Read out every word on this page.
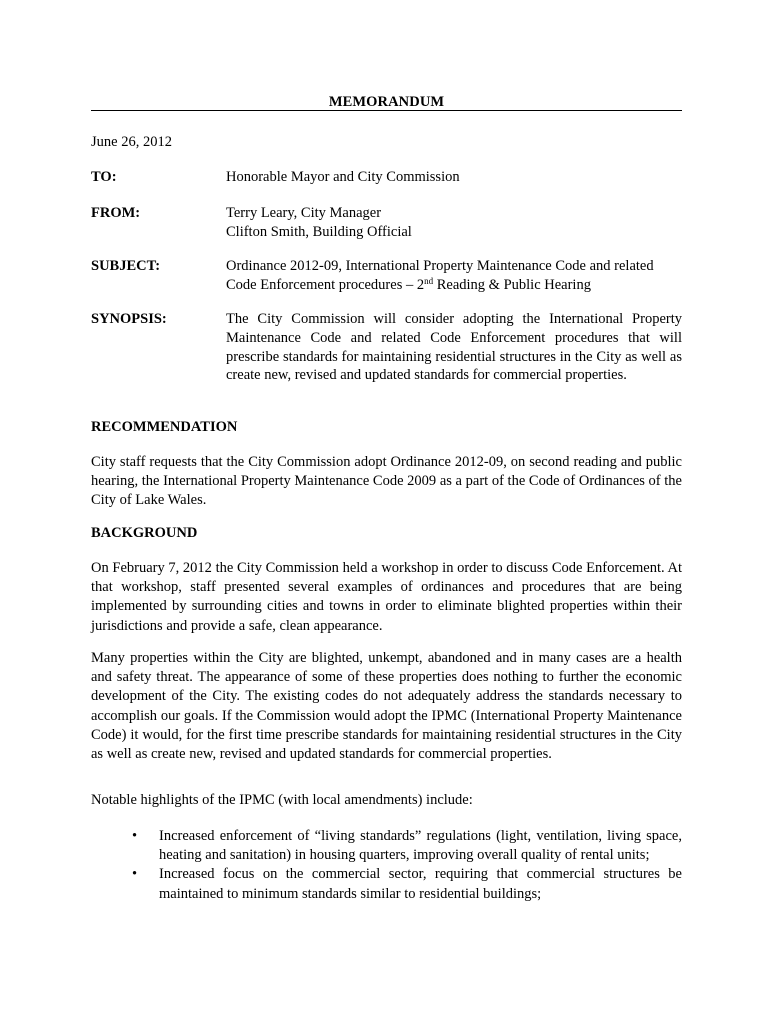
MEMORANDUM
June 26, 2012
TO:	Honorable Mayor and City Commission
FROM:	Terry Leary, City Manager
Clifton Smith, Building Official
SUBJECT:	Ordinance 2012-09, International Property Maintenance Code and related
Code Enforcement procedures – 2nd Reading & Public Hearing
SYNOPSIS:	The City Commission will consider adopting the International Property Maintenance Code and related Code Enforcement procedures that will prescribe standards for maintaining residential structures in the City as well as create new, revised and updated standards for commercial properties.
RECOMMENDATION
City staff requests that the City Commission adopt Ordinance 2012-09, on second reading and public hearing, the International Property Maintenance Code 2009 as a part of the Code of Ordinances of the City of Lake Wales.
BACKGROUND
On February 7, 2012 the City Commission held a workshop in order to discuss Code Enforcement. At that workshop, staff presented several examples of ordinances and procedures that are being implemented by surrounding cities and towns in order to eliminate blighted properties within their jurisdictions and provide a safe, clean appearance.
Many properties within the City are blighted, unkempt, abandoned and in many cases are a health and safety threat. The appearance of some of these properties does nothing to further the economic development of the City. The existing codes do not adequately address the standards necessary to accomplish our goals. If the Commission would adopt the IPMC (International Property Maintenance Code) it would, for the first time prescribe standards for maintaining residential structures in the City as well as create new, revised and updated standards for commercial properties.
Notable highlights of the IPMC (with local amendments) include:
• Increased enforcement of “living standards” regulations (light, ventilation, living space, heating and sanitation) in housing quarters, improving overall quality of rental units;
• Increased focus on the commercial sector, requiring that commercial structures be maintained to minimum standards similar to residential buildings;
